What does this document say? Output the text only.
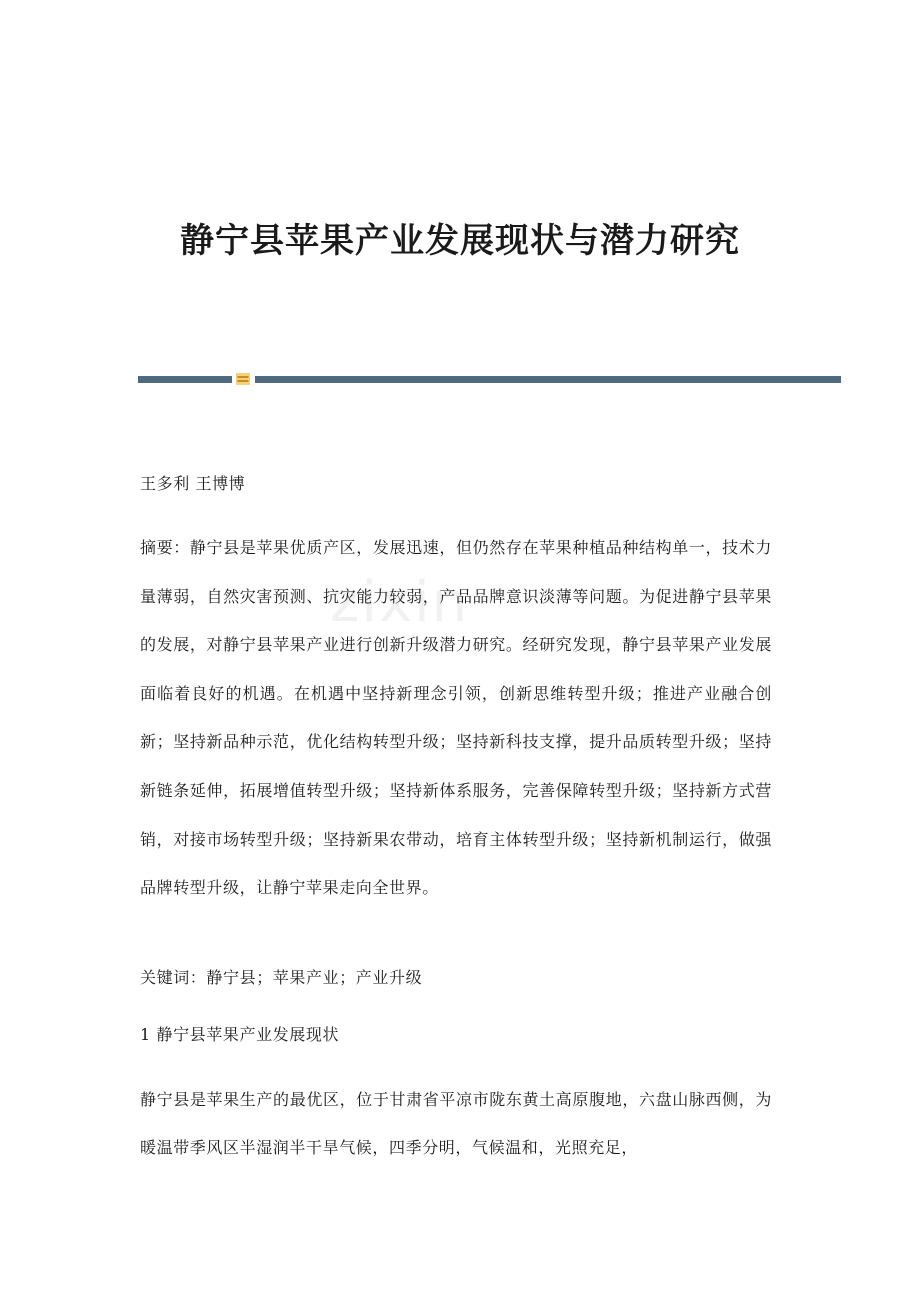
静宁县苹果产业发展现状与潜力研究
zixin

王多利 王博博

摘要：静宁县是苹果优质产区，发展迅速，但仍然存在苹果种植品种结构单一，技术力量薄弱，自然灾害预测、抗灾能力较弱，产品品牌意识淡薄等问题。为促进静宁县苹果的发展，对静宁县苹果产业进行创新升级潜力研究。经研究发现，静宁县苹果产业发展面临着良好的机遇。在机遇中坚持新理念引领，创新思维转型升级；推进产业融合创新；坚持新品种示范，优化结构转型升级；坚持新科技支撑，提升品质转型升级；坚持新链条延伸，拓展增值转型升级；坚持新体系服务，完善保障转型升级；坚持新方式营销，对接市场转型升级；坚持新果农带动，培育主体转型升级；坚持新机制运行，做强品牌转型升级，让静宁苹果走向全世界。

关键词：静宁县；苹果产业；产业升级

1 静宁县苹果产业发展现状

静宁县是苹果生产的最优区，位于甘肃省平凉市陇东黄土高原腹地，六盘山脉西侧，为暖温带季风区半湿润半干旱气候，四季分明，气候温和，光照充足，
